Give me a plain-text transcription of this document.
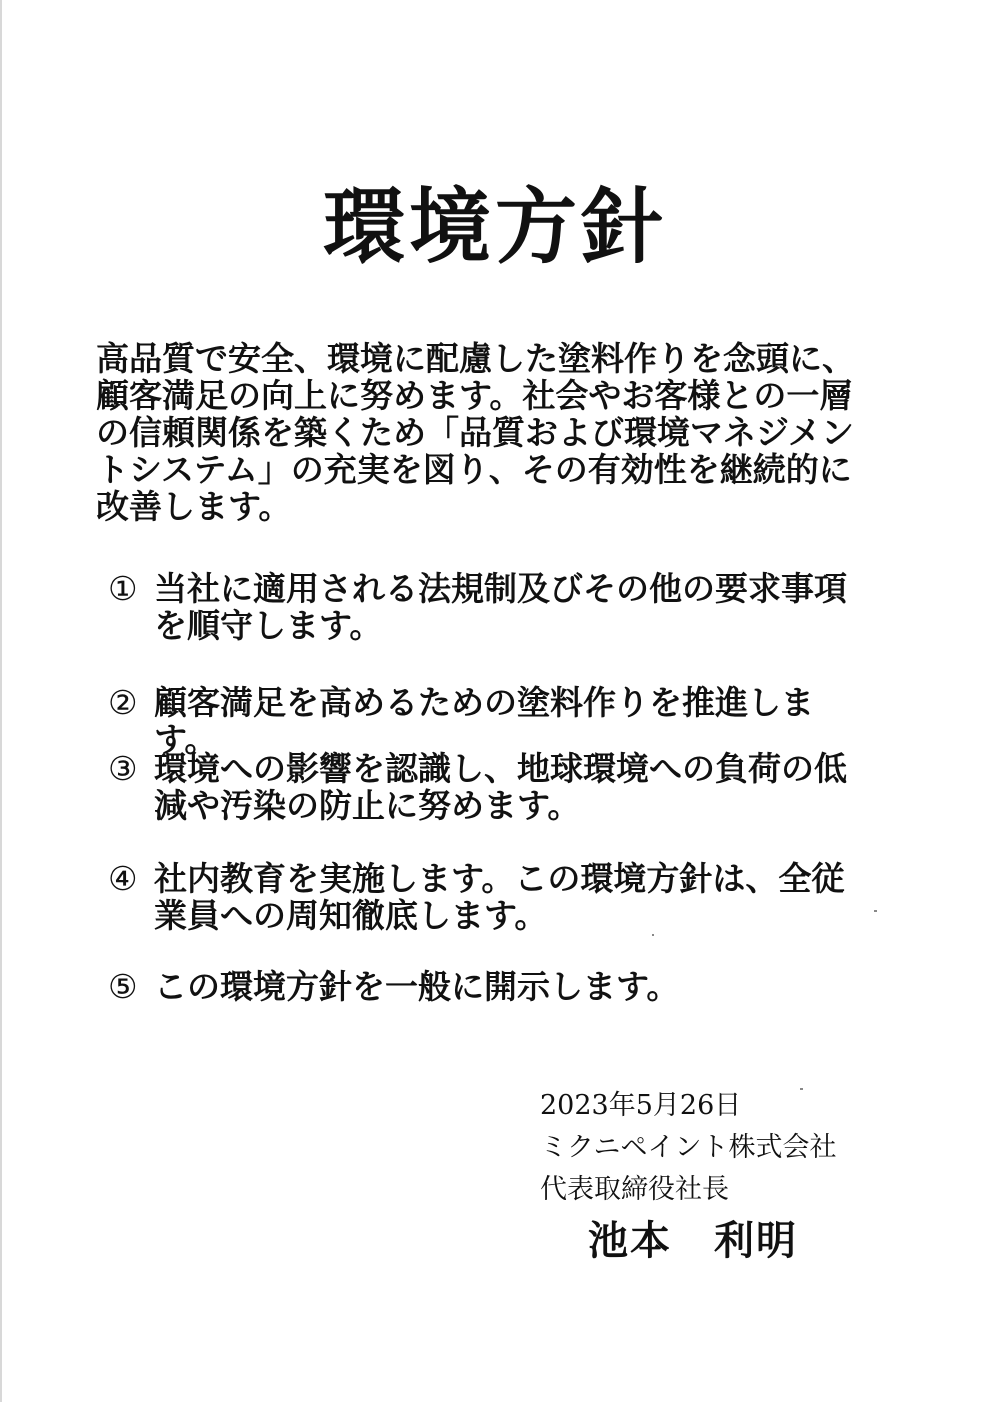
環境方針

高品質で安全、環境に配慮した塗料作りを念頭に、顧客満足の向上に努めます。社会やお客様との一層の信頼関係を築くため「品質および環境マネジメントシステム」の充実を図り、その有効性を継続的に改善します。

① 当社に適用される法規制及びその他の要求事項を順守します。
② 顧客満足を高めるための塗料作りを推進します。
③ 環境への影響を認識し、地球環境への負荷の低減や汚染の防止に努めます。
④ 社内教育を実施します。この環境方針は、全従業員への周知徹底します。
⑤ この環境方針を一般に開示します。
2023年5月26日
ミクニペイント株式会社
代表取締役社長
池本　利明
